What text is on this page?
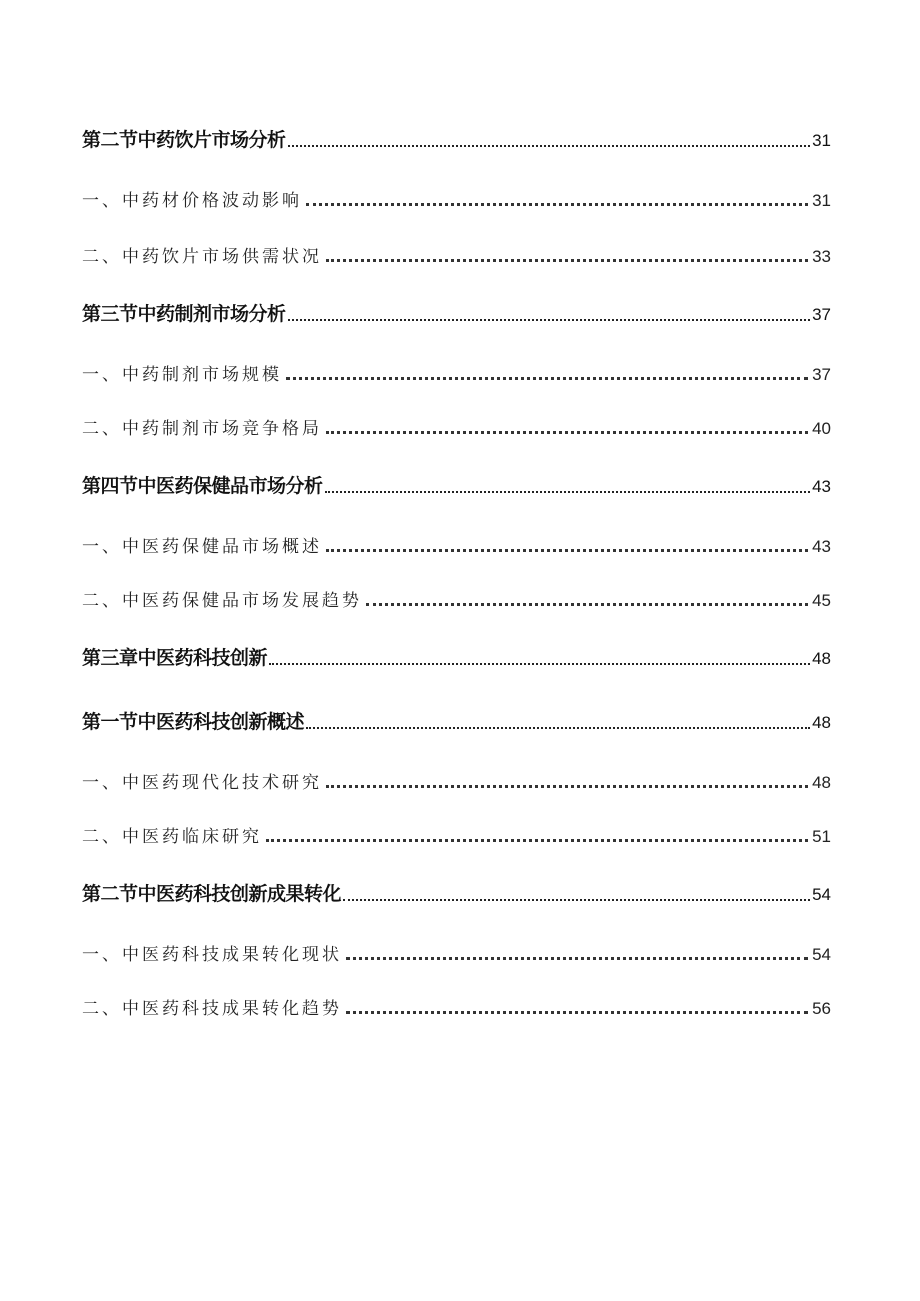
第二节中药饮片市场分析	31
一、中药材价格波动影响	31
二、中药饮片市场供需状况	33
第三节中药制剂市场分析	37
一、中药制剂市场规模	37
二、中药制剂市场竞争格局	40
第四节中医药保健品市场分析	43
一、中医药保健品市场概述	43
二、中医药保健品市场发展趋势	45
第三章中医药科技创新	48
第一节中医药科技创新概述	48
一、中医药现代化技术研究	48
二、中医药临床研究	51
第二节中医药科技创新成果转化	54
一、中医药科技成果转化现状	54
二、中医药科技成果转化趋势	56
